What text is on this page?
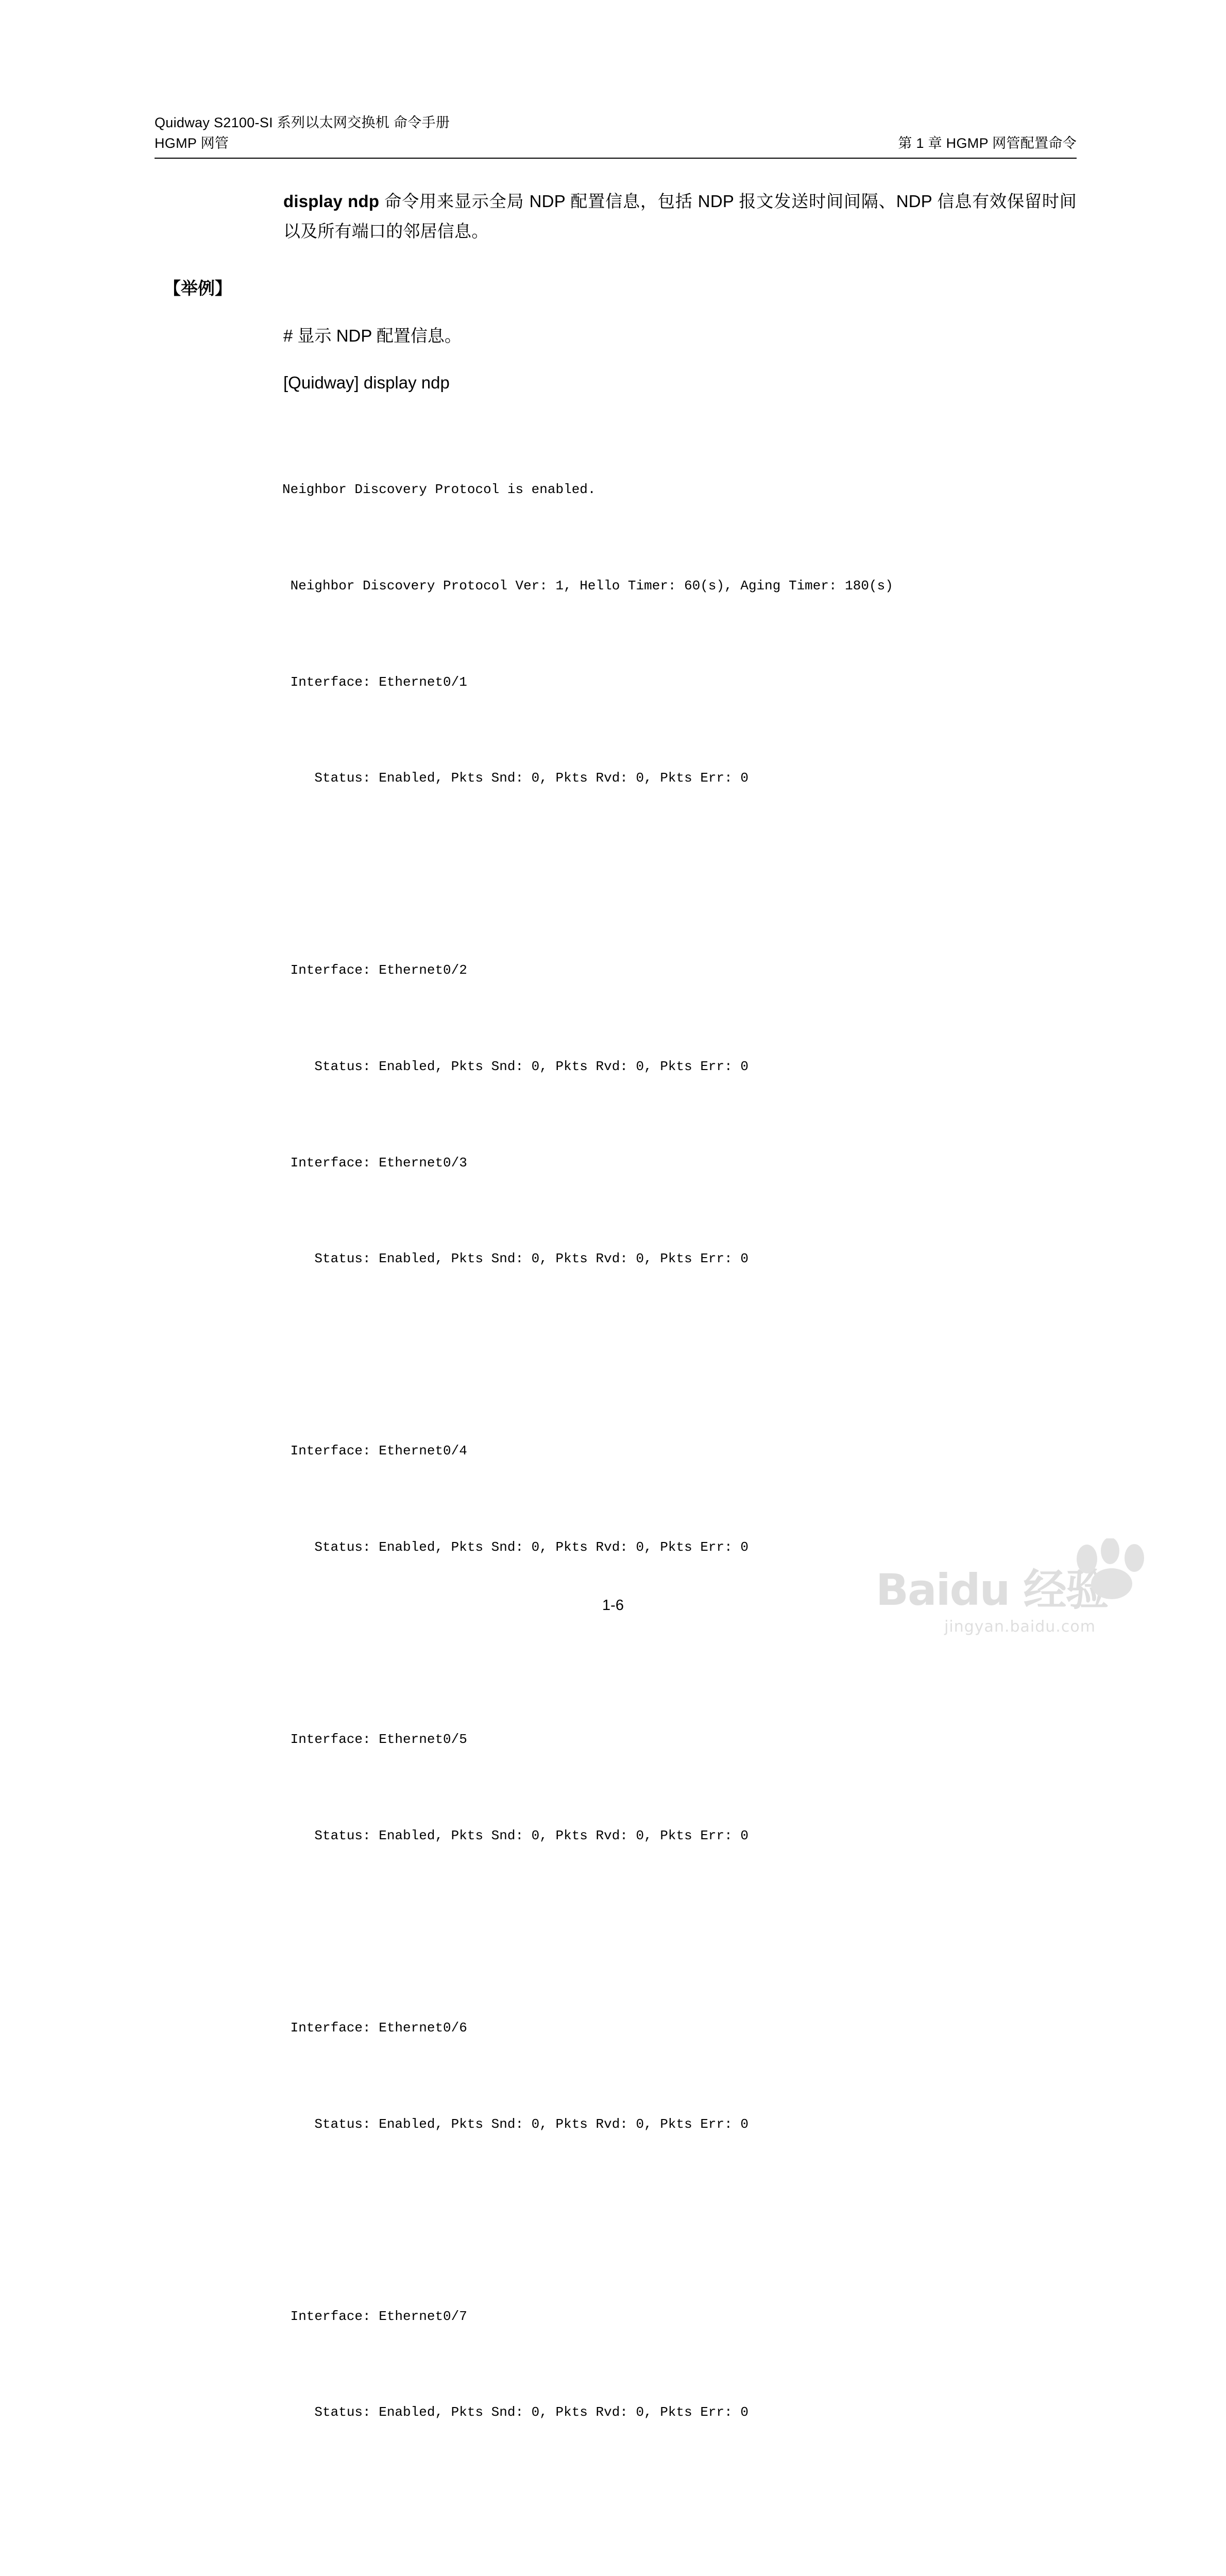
Quidway S2100-SI 系列以太网交换机 命令手册
HGMP 网管	第 1 章 HGMP 网管配置命令
display ndp 命令用来显示全局 NDP 配置信息，包括 NDP 报文发送时间间隔、NDP 信息有效保留时间以及所有端口的邻居信息。
【举例】
# 显示 NDP 配置信息。
[Quidway] display ndp

Neighbor Discovery Protocol is enabled.

Neighbor Discovery Protocol Ver: 1, Hello Timer: 60(s), Aging Timer: 180(s)

Interface: Ethernet0/1

Status: Enabled, Pkts Snd: 0, Pkts Rvd: 0, Pkts Err: 0

Interface: Ethernet0/2

Status: Enabled, Pkts Snd: 0, Pkts Rvd: 0, Pkts Err: 0

Interface: Ethernet0/3

Status: Enabled, Pkts Snd: 0, Pkts Rvd: 0, Pkts Err: 0

Interface: Ethernet0/4

Status: Enabled, Pkts Snd: 0, Pkts Rvd: 0, Pkts Err: 0

Interface: Ethernet0/5

Status: Enabled, Pkts Snd: 0, Pkts Rvd: 0, Pkts Err: 0

Interface: Ethernet0/6

Status: Enabled, Pkts Snd: 0, Pkts Rvd: 0, Pkts Err: 0

Interface: Ethernet0/7

Status: Enabled, Pkts Snd: 0, Pkts Rvd: 0, Pkts Err: 0

1-6	Baidu 经验
jingyan.baidu.com
